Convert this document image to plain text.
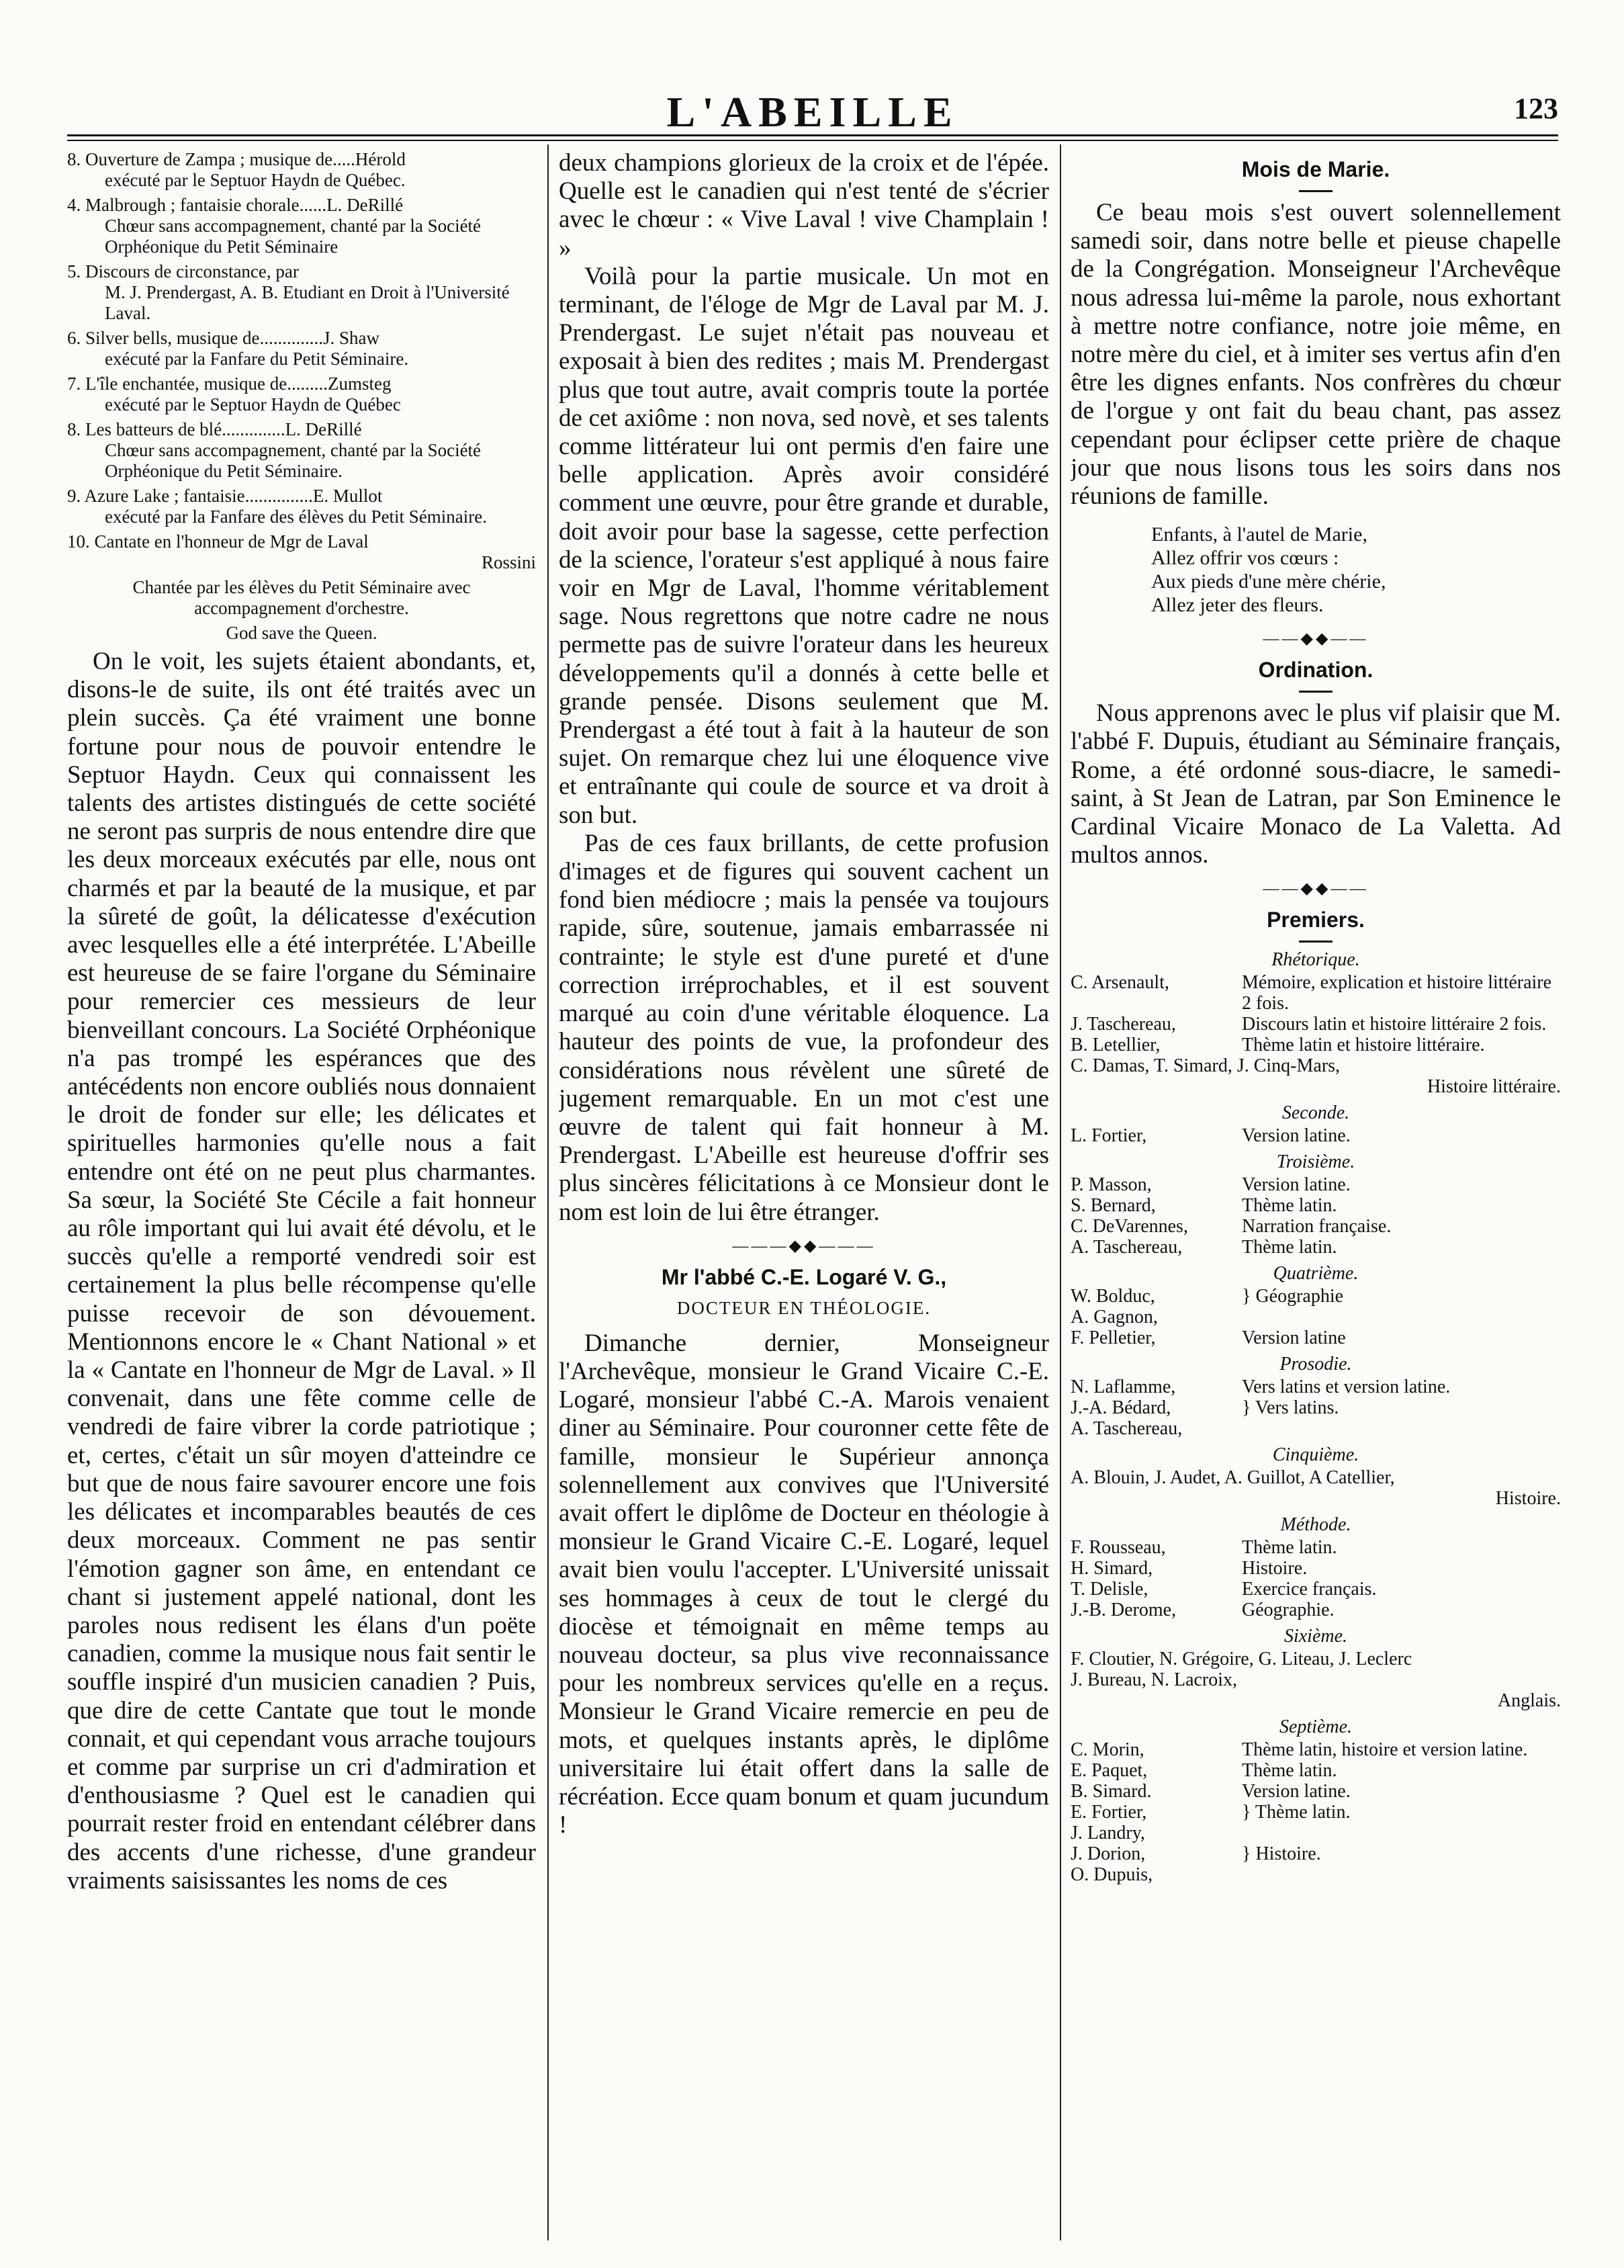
L'ABEILLE	123
8. Ouverture de Zampa ; musique de.....Hérold
exécuté par le Septuor Haydn de Québec.
4. Malbrough ; fantaisie chorale......L. DeRillé
Chœur sans accompagnement, chanté par la Société Orphéonique du Petit Séminaire
5. Discours de circonstance, par
M. J. Prendergast, A. B. Etudiant en Droit à l'Université Laval.
6. Silver bells, musique de..............J. Shaw
exécuté par la Fanfare du Petit Séminaire.
7. L'île enchantée, musique de.........Zumsteg
exécuté par le Septuor Haydn de Québec
8. Les batteurs de blé..............L. DeRillé
Chœur sans accompagnement, chanté par la Société Orphéonique du Petit Séminaire.
9. Azure Lake ; fantaisie...............E. Mullot
exécuté par la Fanfare des élèves du Petit Séminaire.
10. Cantate en l'honneur de Mgr de Laval
Rossini
Chantée par les élèves du Petit Séminaire avec accompagnement d'orchestre.
God save the Queen.

On le voit, les sujets étaient abondants, et, disons-le de suite, ils ont été traités avec un plein succès. Ça été vraiment une bonne fortune pour nous de pouvoir entendre le Septuor Haydn. Ceux qui connaissent les talents des artistes distingués de cette société ne seront pas surpris de nous entendre dire que les deux morceaux exécutés par elle, nous ont charmés et par la beauté de la musique, et par la sûreté de goût, la délicatesse d'exécution avec lesquelles elle a été interprétée. L'Abeille est heureuse de se faire l'organe du Séminaire pour remercier ces messieurs de leur bienveillant concours. La Société Orphéonique n'a pas trompé les espérances que des antécédents non encore oubliés nous donnaient le droit de fonder sur elle; les délicates et spirituelles harmonies qu'elle nous a fait entendre ont été on ne peut plus charmantes. Sa sœur, la Société Ste Cécile a fait honneur au rôle important qui lui avait été dévolu, et le succès qu'elle a remporté vendredi soir est certainement la plus belle récompense qu'elle puisse recevoir de son dévouement. Mentionnons encore le « Chant National » et la « Cantate en l'honneur de Mgr de Laval. » Il convenait, dans une fête comme celle de vendredi de faire vibrer la corde patriotique ; et, certes, c'était un sûr moyen d'atteindre ce but que de nous faire savourer encore une fois les délicates et incomparables beautés de ces deux morceaux. Comment ne pas sentir l'émotion gagner son âme, en entendant ce chant si justement appelé national, dont les paroles nous redisent les élans d'un poëte canadien, comme la musique nous fait sentir le souffle inspiré d'un musicien canadien ? Puis, que dire de cette Cantate que tout le monde connait, et qui cependant vous arrache toujours et comme par surprise un cri d'admiration et d'enthousiasme ? Quel est le canadien qui pourrait rester froid en entendant célébrer dans des accents d'une richesse, d'une grandeur vraiments saisissantes les noms de ces

deux champions glorieux de la croix et de l'épée. Quelle est le canadien qui n'est tenté de s'écrier avec le chœur : « Vive Laval ! vive Champlain ! »

Voilà pour la partie musicale. Un mot en terminant, de l'éloge de Mgr de Laval par M. J. Prendergast. Le sujet n'était pas nouveau et exposait à bien des redites ; mais M. Prendergast plus que tout autre, avait compris toute la portée de cet axiôme : non nova, sed novè, et ses talents comme littérateur lui ont permis d'en faire une belle application. Après avoir considéré comment une œuvre, pour être grande et durable, doit avoir pour base la sagesse, cette perfection de la science, l'orateur s'est appliqué à nous faire voir en Mgr de Laval, l'homme véritablement sage. Nous regrettons que notre cadre ne nous permette pas de suivre l'orateur dans les heureux développements qu'il a donnés à cette belle et grande pensée. Disons seulement que M. Prendergast a été tout à fait à la hauteur de son sujet. On remarque chez lui une éloquence vive et entraînante qui coule de source et va droit à son but.

Pas de ces faux brillants, de cette profusion d'images et de figures qui souvent cachent un fond bien médiocre ; mais la pensée va toujours rapide, sûre, soutenue, jamais embarrassée ni contrainte; le style est d'une pureté et d'une correction irréprochables, et il est souvent marqué au coin d'une véritable éloquence. La hauteur des points de vue, la profondeur des considérations nous révèlent une sûreté de jugement remarquable. En un mot c'est une œuvre de talent qui fait honneur à M. Prendergast. L'Abeille est heureuse d'offrir ses plus sincères félicitations à ce Monsieur dont le nom est loin de lui être étranger.

———◆◆———
Mr l'abbé C.-E. Logaré V. G.,
DOCTEUR EN THÉOLOGIE.

Dimanche dernier, Monseigneur l'Archevêque, monsieur le Grand Vicaire C.-E. Logaré, monsieur l'abbé C.-A. Marois venaient diner au Séminaire. Pour couronner cette fête de famille, monsieur le Supérieur annonça solennellement aux convives que l'Université avait offert le diplôme de Docteur en théologie à monsieur le Grand Vicaire C.-E. Logaré, lequel avait bien voulu l'accepter. L'Université unissait ses hommages à ceux de tout le clergé du diocèse et témoignait en même temps au nouveau docteur, sa plus vive reconnaissance pour les nombreux services qu'elle en a reçus. Monsieur le Grand Vicaire remercie en peu de mots, et quelques instants après, le diplôme universitaire lui était offert dans la salle de récréation. Ecce quam bonum et quam jucundum !

Mois de Marie.

Ce beau mois s'est ouvert solennellement samedi soir, dans notre belle et pieuse chapelle de la Congrégation. Monseigneur l'Archevêque nous adressa lui-même la parole, nous exhortant à mettre notre confiance, notre joie même, en notre mère du ciel, et à imiter ses vertus afin d'en être les dignes enfants. Nos confrères du chœur de l'orgue y ont fait du beau chant, pas assez cependant pour éclipser cette prière de chaque jour que nous lisons tous les soirs dans nos réunions de famille.

Enfants, à l'autel de Marie,
Allez offrir vos cœurs :
Aux pieds d'une mère chérie,
Allez jeter des fleurs.
——◆◆——
Ordination.

Nous apprenons avec le plus vif plaisir que M. l'abbé F. Dupuis, étudiant au Séminaire français, Rome, a été ordonné sous-diacre, le samedi-saint, à St Jean de Latran, par Son Eminence le Cardinal Vicaire Monaco de La Valetta. Ad multos annos.

——◆◆——
Premiers.
Rhétorique.
C. Arsenault,	Mémoire, explication et histoire littéraire 2 fois.
J. Taschereau,	Discours latin et histoire littéraire 2 fois.
B. Letellier,	Thème latin et histoire littéraire.
C. Damas, T. Simard, J. Cinq-Mars,
Histoire littéraire.
Seconde.
L. Fortier,	Version latine.
Troisième.
P. Masson,	Version latine.
S. Bernard,	Thème latin.
C. DeVarennes,	Narration française.
A. Taschereau,	Thème latin.
Quatrième.
W. Bolduc,	} Géographie
A. Gagnon,
F. Pelletier,	Version latine
Prosodie.
N. Laflamme,	Vers latins et version latine.
J.-A. Bédard,	} Vers latins.
A. Taschereau,
Cinquième.
A. Blouin, J. Audet, A. Guillot, A Catellier,
Histoire.
Méthode.
F. Rousseau,	Thème latin.
H. Simard,	Histoire.
T. Delisle,	Exercice français.
J.-B. Derome,	Géographie.
Sixième.
F. Cloutier, N. Grégoire, G. Liteau, J. Leclerc
J. Bureau, N. Lacroix,
Anglais.
Septième.
C. Morin,	Thème latin, histoire et version latine.
E. Paquet,	Thème latin.
B. Simard.	Version latine.
E. Fortier,	} Thème latin.
J. Landry,
J. Dorion,	} Histoire.
O. Dupuis,
